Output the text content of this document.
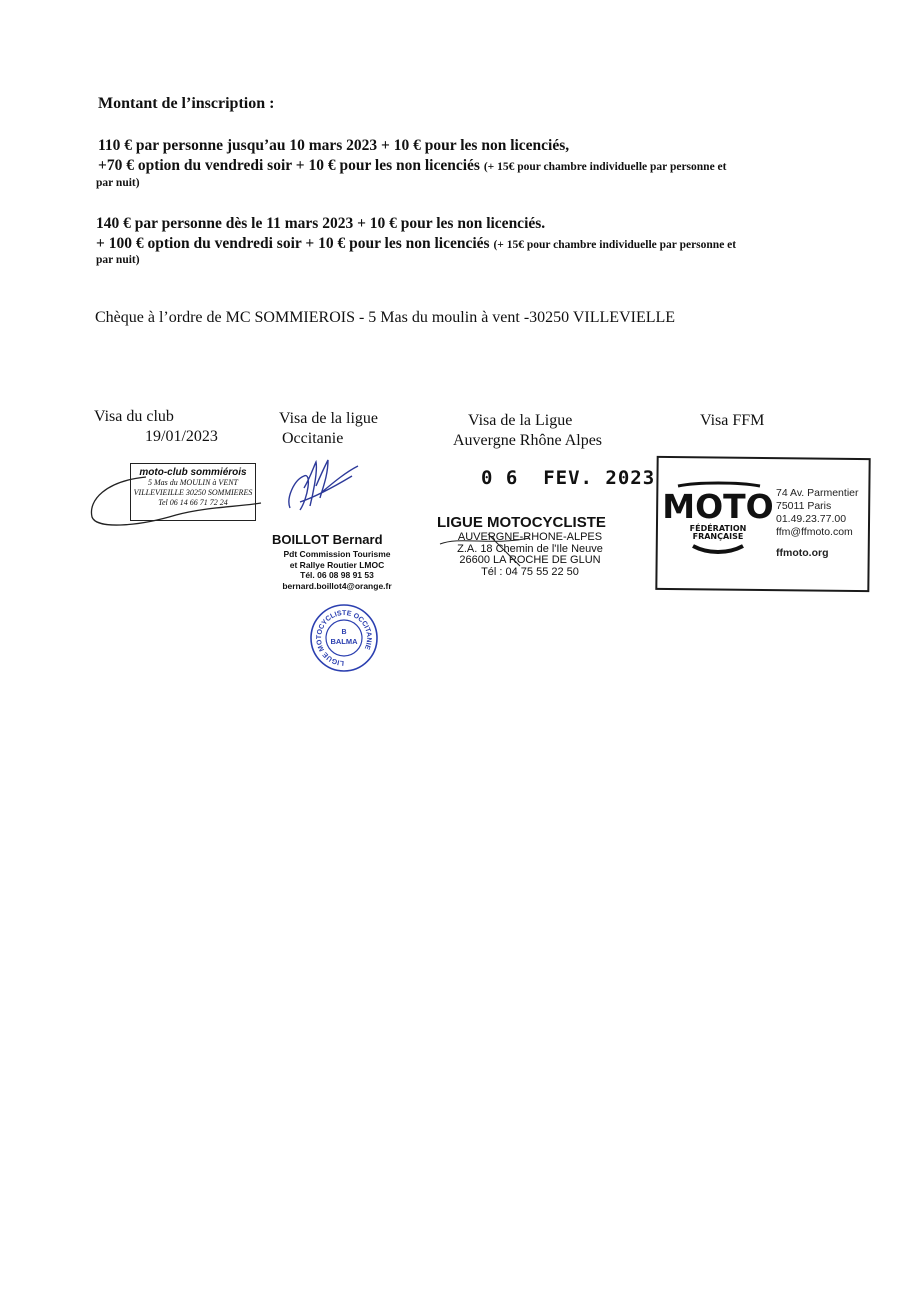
Montant de l’inscription :
110 € par personne jusqu’au 10 mars 2023 + 10 € pour les non licenciés,
+70 € option du vendredi soir + 10 € pour les non licenciés (+ 15€ pour chambre individuelle par personne et
par nuit)
140 € par personne dès le 11 mars 2023 + 10 € pour les non licenciés.
+ 100 € option du vendredi soir + 10 € pour les non licenciés (+ 15€ pour chambre individuelle par personne et
par nuit)
Chèque à l’ordre de MC SOMMIEROIS - 5 Mas du moulin à vent -30250 VILLEVIELLE
Visa du club
19/01/2023
Visa de la ligue
Occitanie
Visa de la Ligue
Auvergne Rhône Alpes
Visa FFM
moto-club sommiérois
5 Mas du MOULIN à VENT
VILLEVIEILLE 30250 SOMMIERES
Tel 06 14 66 71 72 24
BOILLOT Bernard
Pdt Commission Tourisme
et Rallye Routier LMOC
Tél. 06 08 98 91 53
bernard.boillot4@orange.fr
LIGUE MOTOCYCLISTE OCCITANIE
B
BALMA
0 6  FEV. 2023
LIGUE MOTOCYCLISTE
AUVERGNE-RHONE-ALPES
Z.A. 18 Chemin de l'Ile Neuve
26600 LA ROCHE DE GLUN
Tél : 04 75 55 22 50
MOTO
FÉDÉRATION
FRANÇAISE
74 Av. Parmentier
75011 Paris
01.49.23.77.00
ffm@ffmoto.com
ffmoto.org
